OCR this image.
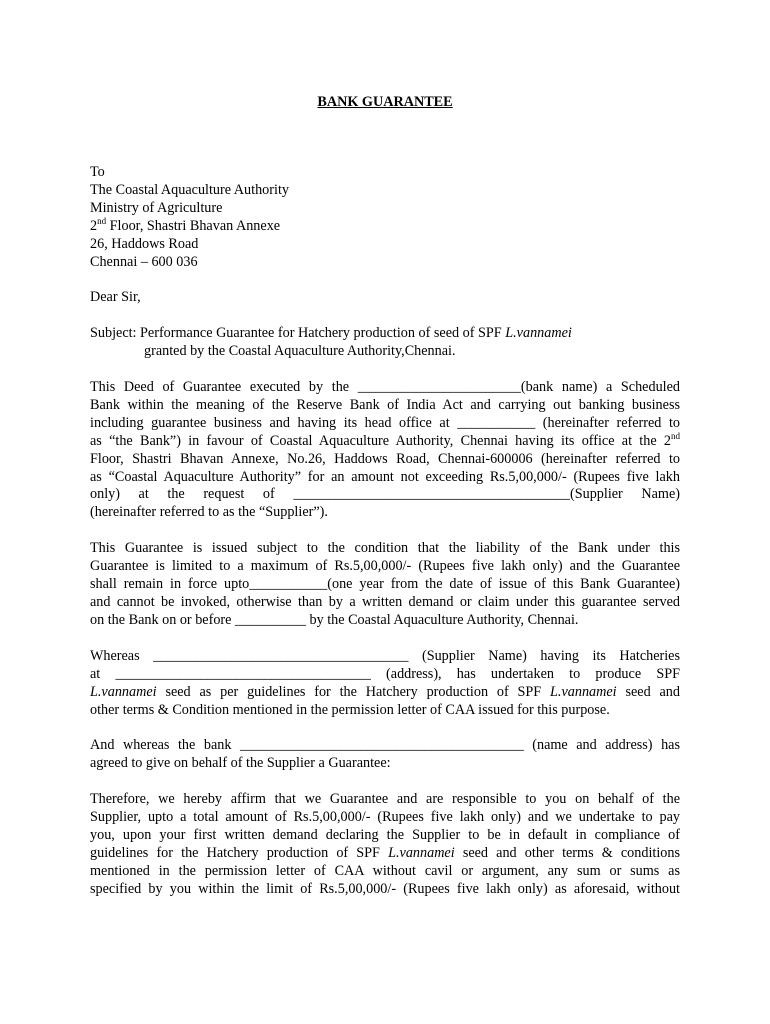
BANK GUARANTEE
To
The Coastal Aquaculture Authority
Ministry of Agriculture
2nd Floor, Shastri Bhavan Annexe
26, Haddows Road
Chennai – 600 036
Dear Sir,
Subject: Performance Guarantee for Hatchery production of seed of SPF L.vannamei
granted by the Coastal Aquaculture Authority,Chennai.
This Deed of Guarantee executed by the _______________________(bank name) a Scheduled
Bank within the meaning of the Reserve Bank of India Act and carrying out banking business
including guarantee business and having its head office at ___________ (hereinafter referred to
as “the Bank”) in favour of Coastal Aquaculture Authority, Chennai having its office at the 2nd
Floor, Shastri Bhavan Annexe, No.26, Haddows Road, Chennai-600006 (hereinafter referred to
as “Coastal Aquaculture Authority” for an amount not exceeding Rs.5,00,000/- (Rupees five lakh
only) at the request of _______________________________________(Supplier Name)
(hereinafter referred to as the “Supplier”).
This Guarantee is issued subject to the condition that the liability of the Bank under this
Guarantee is limited to a maximum of Rs.5,00,000/- (Rupees five lakh only) and the Guarantee
shall remain in force upto___________(one year from the date of issue of this Bank Guarantee)
and cannot be invoked, otherwise than by a written demand or claim under this guarantee served
on the Bank on or before __________ by the Coastal Aquaculture Authority, Chennai.
Whereas ____________________________________ (Supplier Name) having its Hatcheries
at ____________________________________ (address), has undertaken to produce SPF
L.vannamei seed as per guidelines for the Hatchery production of SPF L.vannamei seed and
other terms & Condition mentioned in the permission letter of CAA issued for this purpose.
And whereas the bank ________________________________________ (name and address) has
agreed to give on behalf of the Supplier a Guarantee:
Therefore, we hereby affirm that we Guarantee and are responsible to you on behalf of the
Supplier, upto a total amount of Rs.5,00,000/- (Rupees five lakh only) and we undertake to pay
you, upon your first written demand declaring the Supplier to be in default in compliance of
guidelines for the Hatchery production of SPF L.vannamei seed and other terms & conditions
mentioned in the permission letter of CAA without cavil or argument, any sum or sums as
specified by you within the limit of Rs.5,00,000/- (Rupees five lakh only) as aforesaid, without
